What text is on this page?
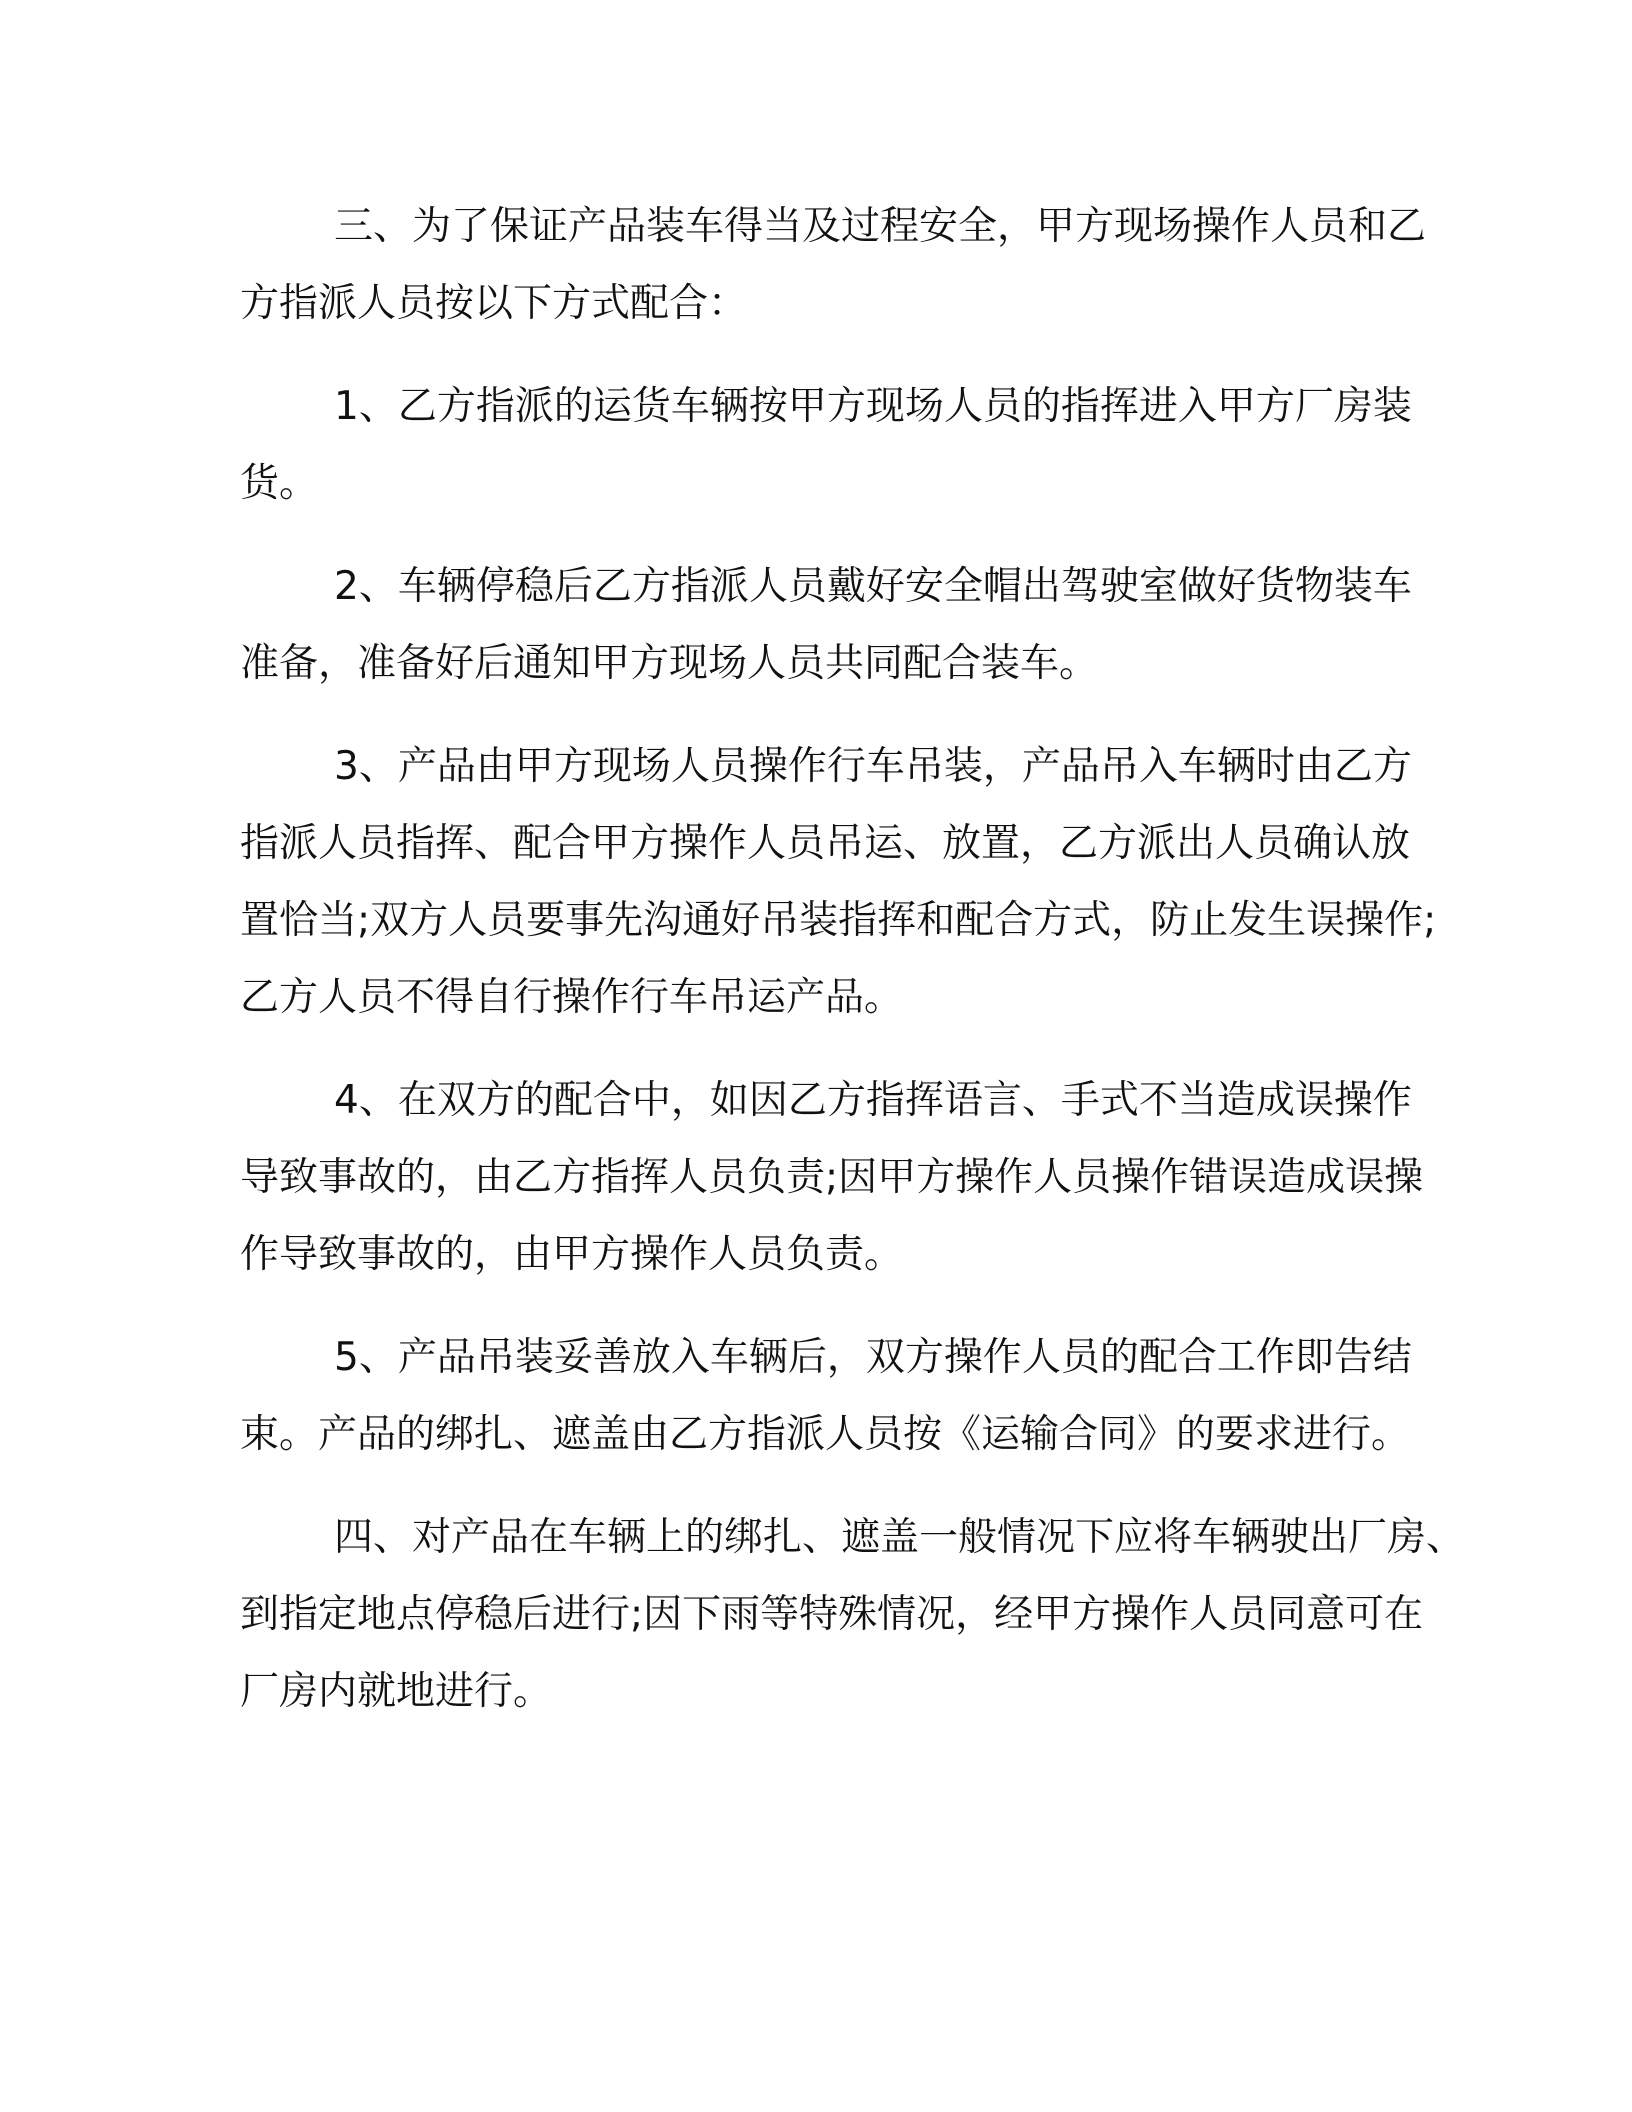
三、为了保证产品装车得当及过程安全，甲方现场操作人员和乙
方指派人员按以下方式配合：

1、乙方指派的运货车辆按甲方现场人员的指挥进入甲方厂房装
货。

2、车辆停稳后乙方指派人员戴好安全帽出驾驶室做好货物装车
准备，准备好后通知甲方现场人员共同配合装车。

3、产品由甲方现场人员操作行车吊装，产品吊入车辆时由乙方
指派人员指挥、配合甲方操作人员吊运、放置，乙方派出人员确认放
置恰当;双方人员要事先沟通好吊装指挥和配合方式，防止发生误操作;
乙方人员不得自行操作行车吊运产品。

4、在双方的配合中，如因乙方指挥语言、手式不当造成误操作
导致事故的，由乙方指挥人员负责;因甲方操作人员操作错误造成误操
作导致事故的，由甲方操作人员负责。

5、产品吊装妥善放入车辆后，双方操作人员的配合工作即告结
束。产品的绑扎、遮盖由乙方指派人员按《运输合同》的要求进行。

四、对产品在车辆上的绑扎、遮盖一般情况下应将车辆驶出厂房、
到指定地点停稳后进行;因下雨等特殊情况，经甲方操作人员同意可在
厂房内就地进行。
